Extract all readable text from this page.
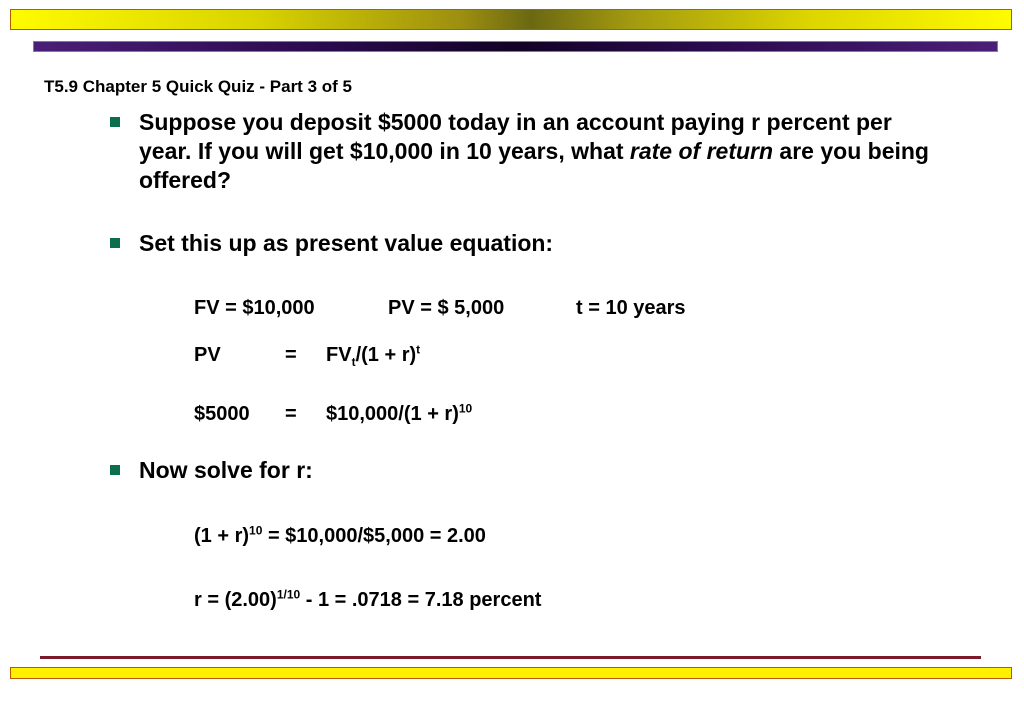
T5.9 Chapter 5 Quick Quiz - Part 3 of 5
Suppose you deposit $5000 today in an account paying r percent per year. If you will get $10,000 in 10 years, what rate of return are you being offered?
Set this up as present value equation:
FV = $10,000	PV = $ 5,000	t = 10 years
PV	= $FV_t/(1 + r)^t$
$5000 = $10,000/(1 + r)$^{10}$
Now solve for r:
$(1 + r)^{10}$ = $10,000/$5,000 = 2.00
$r = (2.00)^{1/10} - 1 = .0718 = 7.18$ percent
